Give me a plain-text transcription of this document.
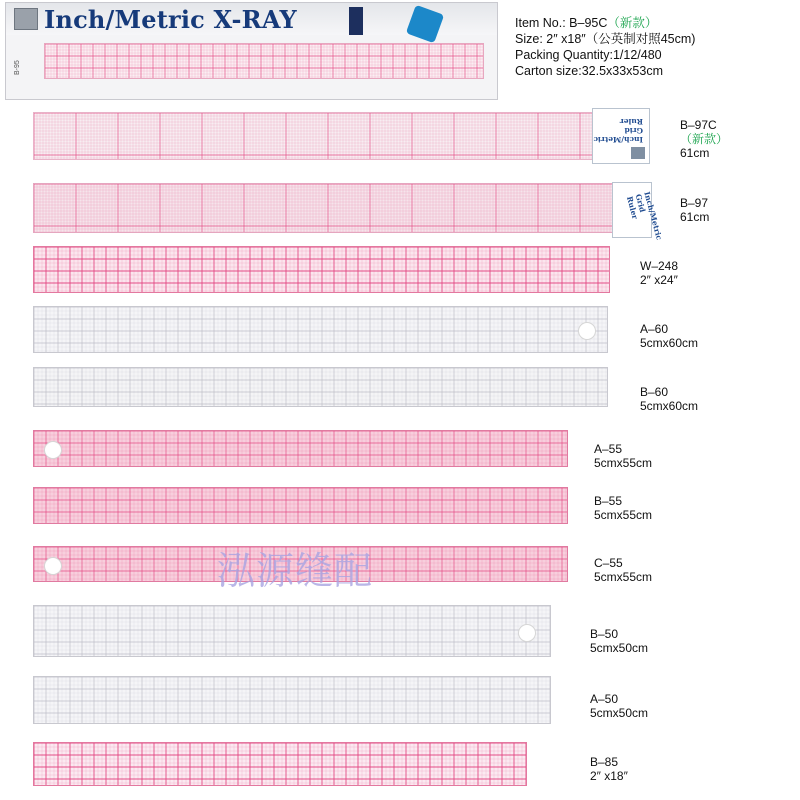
Inch/Metric X-RAY
B-95
Item No.: B–95C（新款）
Size: 2″ x18″（公英制对照45cm)
Packing Quantity:1/12/480
Carton size:32.5x33x53cm
Inch/Metric Grid Ruler	B–97C
（新款）
61cm
Inch/Metric Grid Ruler	B–97
61cm
W–248
2″ x24″
A–60
5cmx60cm
B–60
5cmx60cm
A–55
5cmx55cm
B–55
5cmx55cm
C–55
5cmx55cm
B–50
5cmx50cm
A–50
5cmx50cm
B–85
2″ x18″
泓源缝配
